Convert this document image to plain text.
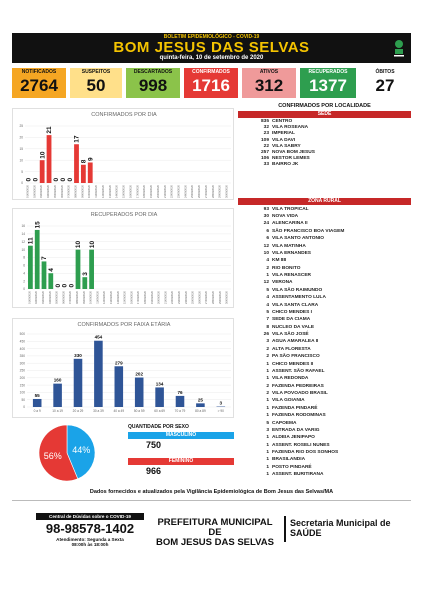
BOLETIM EPIDEMIOLÓGICO - COVID-19
BOM JESUS DAS SELVAS
quinta-feira, 10 de setembro de 2020
NOTIFICADOS
2764
SUSPEITOS
50
DESCARTADOS
998
CONFIRMADOS
1716
ATIVOS
312
RECUPERADOS
1377
ÓBITOS
27
CONFIRMADOS POR DIA
0
5
10
15
20
25
01/09/2020	02/09/2020	03/09/2020	04/09/2020	05/09/2020	06/09/2020	07/09/2020	08/09/2020	09/09/2020	10/09/2020	11/09/2020	12/09/2020	13/09/2020	14/09/2020	15/09/2020	16/09/2020	17/09/2020	18/09/2020	19/09/2020	20/09/2020	21/09/2020	22/09/2020	23/09/2020	24/09/2020	25/09/2020	26/09/2020	27/09/2020	28/09/2020	29/09/2020	30/09/2020
0 0
10
21
0 0 0
17
8
9
RECUPERADOS POR DIA
0
2
4
6
8
10
12
14
16
01/09/2020	02/09/2020	03/09/2020	04/09/2020	05/09/2020	06/09/2020	07/09/2020	08/09/2020	09/09/2020	10/09/2020	11/09/2020	12/09/2020	13/09/2020	14/09/2020	15/09/2020	16/09/2020	17/09/2020	18/09/2020	19/09/2020	20/09/2020	21/09/2020	22/09/2020	23/09/2020	24/09/2020	25/09/2020	26/09/2020	27/09/2020	28/09/2020	29/09/2020	30/09/2020
11
15
7
4
0 0 0
10
3
10
CONFIRMADOS POR FAIXA ETÁRIA
0
50
100
150
200
250
300
350
400
450
500
55
0 a 9
160
10 a 19
330
20 a 29
454
30 a 39
279
40 a 49
202
50 a 59
134
60 a 69
76
70 a 79
25
80 a 89
3
> 90
44%
56%
QUANTIDADE POR SEXO
MASCULINO
750
FEMININO
966
CONFIRMADOS POR LOCALIDADE
SEDE
835 CENTRO
32 VILA ROSEANA
23 IMPERIAL
109 VILA DAVI
22 VILA SABRY
257 NOVA BOM JESUS
106 NESTOR LEMES
33 BAIRRO JK
ZONA RURAL
93 VILA TROPICAL
30 NOVA VIDA
24 ALENCARINA II
6 SÃO FRANCISCO BOA VIAGEM
6 VILA SANTO ANTONIO
12 VILA MATINHA
10 VILA ERNANDES
4 KM 88
2 RIO BONITO
1 VILA RENASCER
12 VERONA
5 VILA SÃO RAIMUNDO
4 ASSENTAMENTO LULA
4 VILA SANTA CLARA
5 CHICO MENDES I
7 SEDE DA CIAMA
8 NUCLEO DA VALE
26 VILA SÃO JOSÉ
3 AGUA AMARALEA II
2 ALTA FLORESTA
2 PA SÃO FRANCISCO
1 CHICO MENDES II
1 ASSENT. SÃO RAFAEL
1 VILA REDONDA
2 FAZENDA PEDREIRAS
2 VILA POVOADO BRASIL
1 VILA GOIANIA
1 FAZENDA PINDARÉ
1 FAZENDA RODOMINAS
5 CAPOEMA
3 ENTRADA DA VARIG
1 ALDEIA JENIPAPO
1 ASSENT. ROSELI NUNES
1 FAZENDA RIO DOS SONHOS
1 BRASILANDIA
1 POSTO PINDARÉ
1 ASSENT. BURITIRANA
Dados fornecidos e atualizados pela Vigilância Epidemiológica de Bom Jesus das Selvas/MA
Central de Dúvidas sobre o COVID-19
98-98578-1402
Atendimento: Segunda a Sexta
08:00h às 18:00h
PREFEITURA MUNICIPAL DE
BOM JESUS DAS SELVAS
Secretaria Municipal de
SAÚDE
